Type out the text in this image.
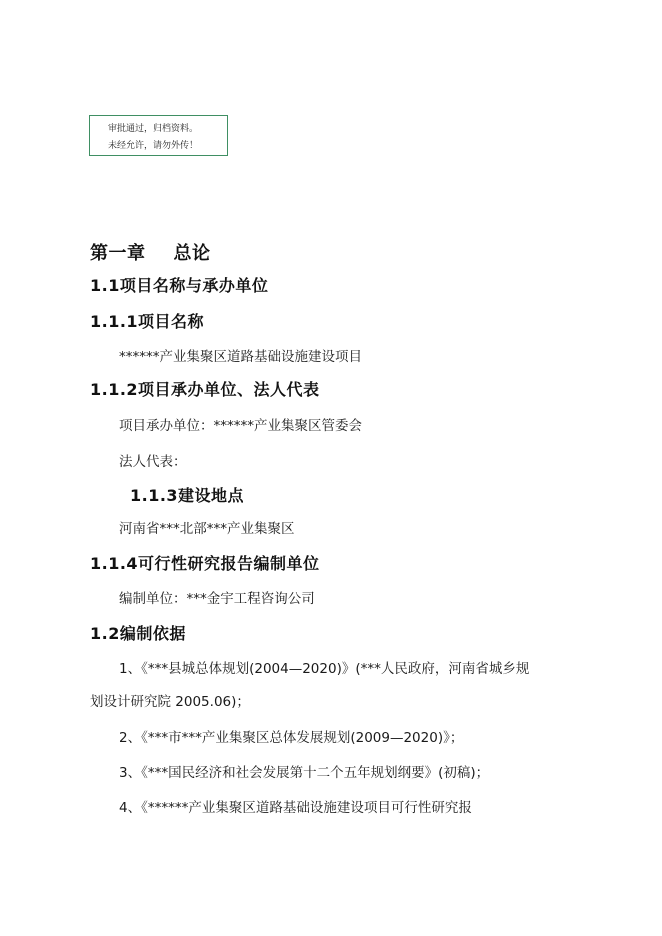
审批通过，归档资料。
未经允许，请勿外传！
第一章 总论
1.1项目名称与承办单位
1.1.1项目名称
******产业集聚区道路基础设施建设项目
1.1.2项目承办单位、法人代表
项目承办单位：******产业集聚区管委会
法人代表：
1.1.3建设地点
河南省***北部***产业集聚区
1.1.4可行性研究报告编制单位
编制单位：***金宇工程咨询公司
1.2编制依据
1、《***县城总体规划(2004—2020)》(***人民政府，河南省城乡规
划设计研究院 2005.06)；
2、《***市***产业集聚区总体发展规划(2009—2020)》；
3、《***国民经济和社会发展第十二个五年规划纲要》(初稿)；
4、《******产业集聚区道路基础设施建设项目可行性研究报
